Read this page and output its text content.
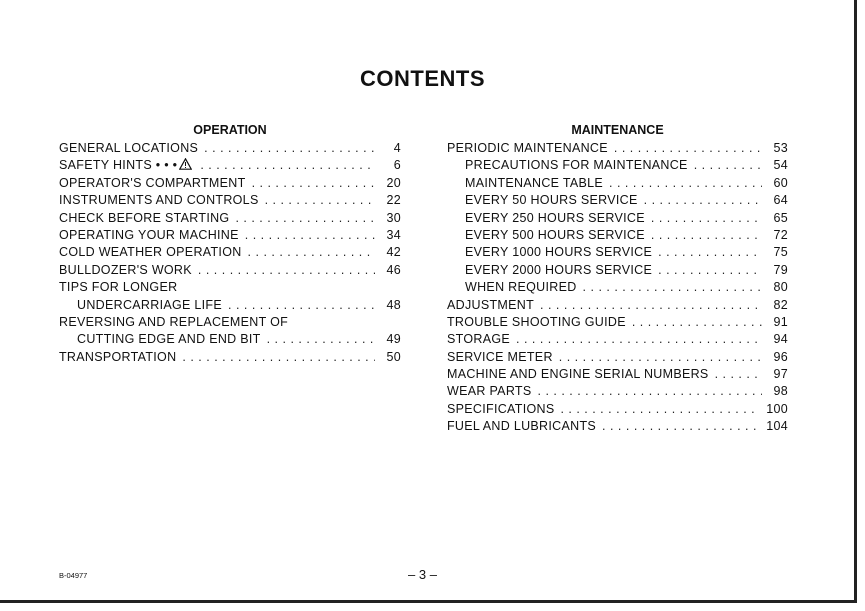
CONTENTS
OPERATION
GENERAL LOCATIONS . . .	4
SAFETY HINTS • • • . . .	6
OPERATOR'S COMPARTMENT . . .	20
INSTRUMENTS AND CONTROLS . . .	22
CHECK BEFORE STARTING . . .	30
OPERATING YOUR MACHINE . . .	34
COLD WEATHER OPERATION . . .	42
BULLDOZER'S WORK . . .	46
TIPS FOR LONGER
UNDERCARRIAGE LIFE . . .	48
REVERSING AND REPLACEMENT OF
CUTTING EDGE AND END BIT . . .	49
TRANSPORTATION . . .	50
MAINTENANCE
PERIODIC MAINTENANCE . . .	53
PRECAUTIONS FOR MAINTENANCE . . .	54
MAINTENANCE TABLE . . .	60
EVERY 50 HOURS SERVICE . . .	64
EVERY 250 HOURS SERVICE . . .	65
EVERY 500 HOURS SERVICE . . .	72
EVERY 1000 HOURS SERVICE . . .	75
EVERY 2000 HOURS SERVICE . . .	79
WHEN REQUIRED . . .	80
ADJUSTMENT . . .	82
TROUBLE SHOOTING GUIDE . . .	91
STORAGE . . .	94
SERVICE METER . . .	96
MACHINE AND ENGINE SERIAL NUMBERS . . .	97
WEAR PARTS . . .	98
SPECIFICATIONS . . .	100
FUEL AND LUBRICANTS . . .	104
B-04977	– 3 –
